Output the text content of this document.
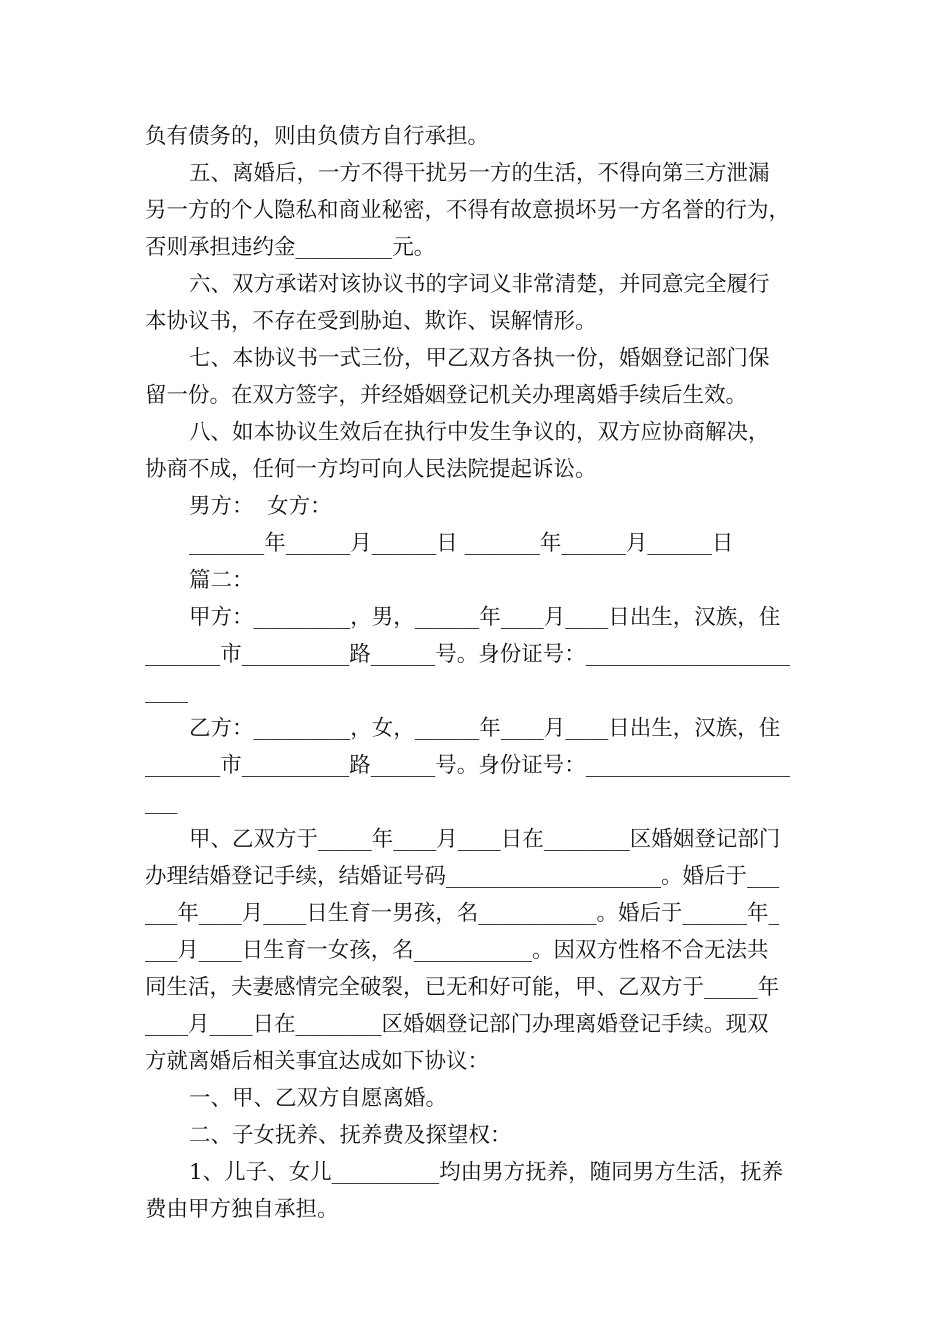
负有债务的，则由负债方自行承担。
五、离婚后，一方不得干扰另一方的生活，不得向第三方泄漏
另一方的个人隐私和商业秘密，不得有故意损坏另一方名誉的行为，
否则承担违约金_________元。
六、双方承诺对该协议书的字词义非常清楚，并同意完全履行
本协议书，不存在受到胁迫、欺诈、误解情形。
七、本协议书一式三份，甲乙双方各执一份，婚姻登记部门保
留一份。在双方签字，并经婚姻登记机关办理离婚手续后生效。
八、如本协议生效后在执行中发生争议的，双方应协商解决，
协商不成，任何一方均可向人民法院提起诉讼。
男方：  女方：
_______年______月______日 _______年______月______日
篇二：
甲方：_________，男，______年____月____日出生，汉族，住
_______市__________路______号。身份证号：___________________
____
乙方：_________，女，______年____月____日出生，汉族，住
_______市__________路______号。身份证号：___________________
___
甲、乙双方于_____年____月____日在________区婚姻登记部门
办理结婚登记手续，结婚证号码____________________。婚后于___
___年____月____日生育一男孩，名___________。婚后于______年_
___月____日生育一女孩，名___________。因双方性格不合无法共
同生活，夫妻感情完全破裂，已无和好可能，甲、乙双方于_____年
____月____日在________区婚姻登记部门办理离婚登记手续。现双
方就离婚后相关事宜达成如下协议：
一、甲、乙双方自愿离婚。
二、子女抚养、抚养费及探望权：
1、儿子、女儿__________均由男方抚养，随同男方生活，抚养
费由甲方独自承担。
